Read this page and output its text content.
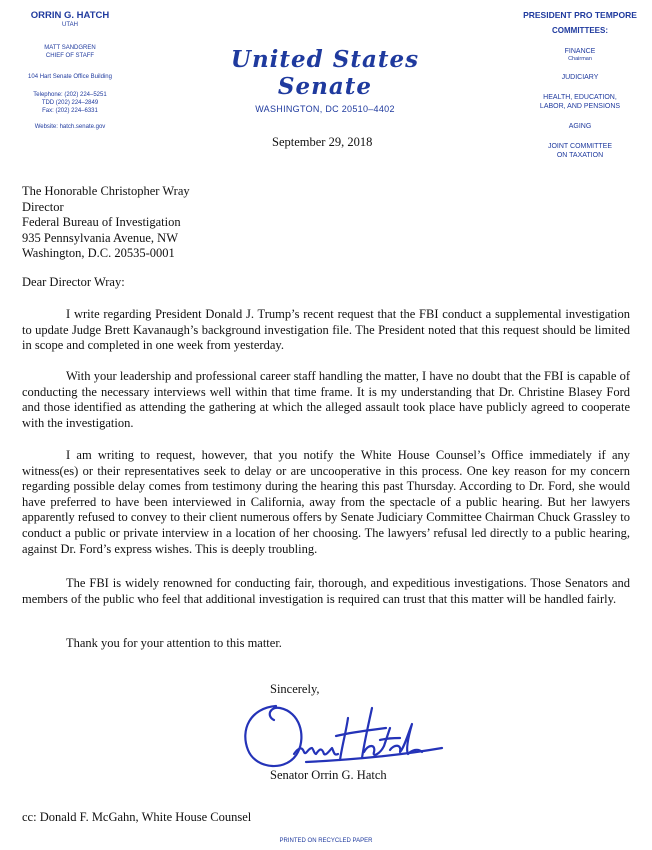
ORRIN G. HATCH
UTAH
MATT SANDGREN
CHIEF OF STAFF
104 Hart Senate Office Building
Telephone: (202) 224–5251
TDD (202) 224–2849
Fax: (202) 224–6331
Website: hatch.senate.gov
United States Senate
WASHINGTON, DC 20510–4402
PRESIDENT PRO TEMPORE
COMMITTEES:
FINANCE
Chairman
JUDICIARY
HEALTH, EDUCATION,
LABOR, AND PENSIONS
AGING
JOINT COMMITTEE
ON TAXATION
September 29, 2018
The Honorable Christopher Wray
Director
Federal Bureau of Investigation
935 Pennsylvania Avenue, NW
Washington, D.C. 20535-0001
Dear Director Wray:
I write regarding President Donald J. Trump’s recent request that the FBI conduct a supplemental investigation to update Judge Brett Kavanaugh’s background investigation file. The President noted that this request should be limited in scope and completed in one week from yesterday.
With your leadership and professional career staff handling the matter, I have no doubt that the FBI is capable of conducting the necessary interviews well within that time frame. It is my understanding that Dr. Christine Blasey Ford and those identified as attending the gathering at which the alleged assault took place have publicly agreed to cooperate with the investigation.
I am writing to request, however, that you notify the White House Counsel’s Office immediately if any witness(es) or their representatives seek to delay or are uncooperative in this process. One key reason for my concern regarding possible delay comes from testimony during the hearing this past Thursday. According to Dr. Ford, she would have preferred to have been interviewed in California, away from the spectacle of a public hearing. But her lawyers apparently refused to convey to their client numerous offers by Senate Judiciary Committee Chairman Chuck Grassley to conduct a public or private interview in a location of her choosing. The lawyers’ refusal led directly to a public hearing, against Dr. Ford’s express wishes. This is deeply troubling.
The FBI is widely renowned for conducting fair, thorough, and expeditious investigations. Those Senators and members of the public who feel that additional investigation is required can trust that this matter will be handled fairly.
Thank you for your attention to this matter.
Sincerely,
Senator Orrin G. Hatch
cc: Donald F. McGahn, White House Counsel
PRINTED ON RECYCLED PAPER
